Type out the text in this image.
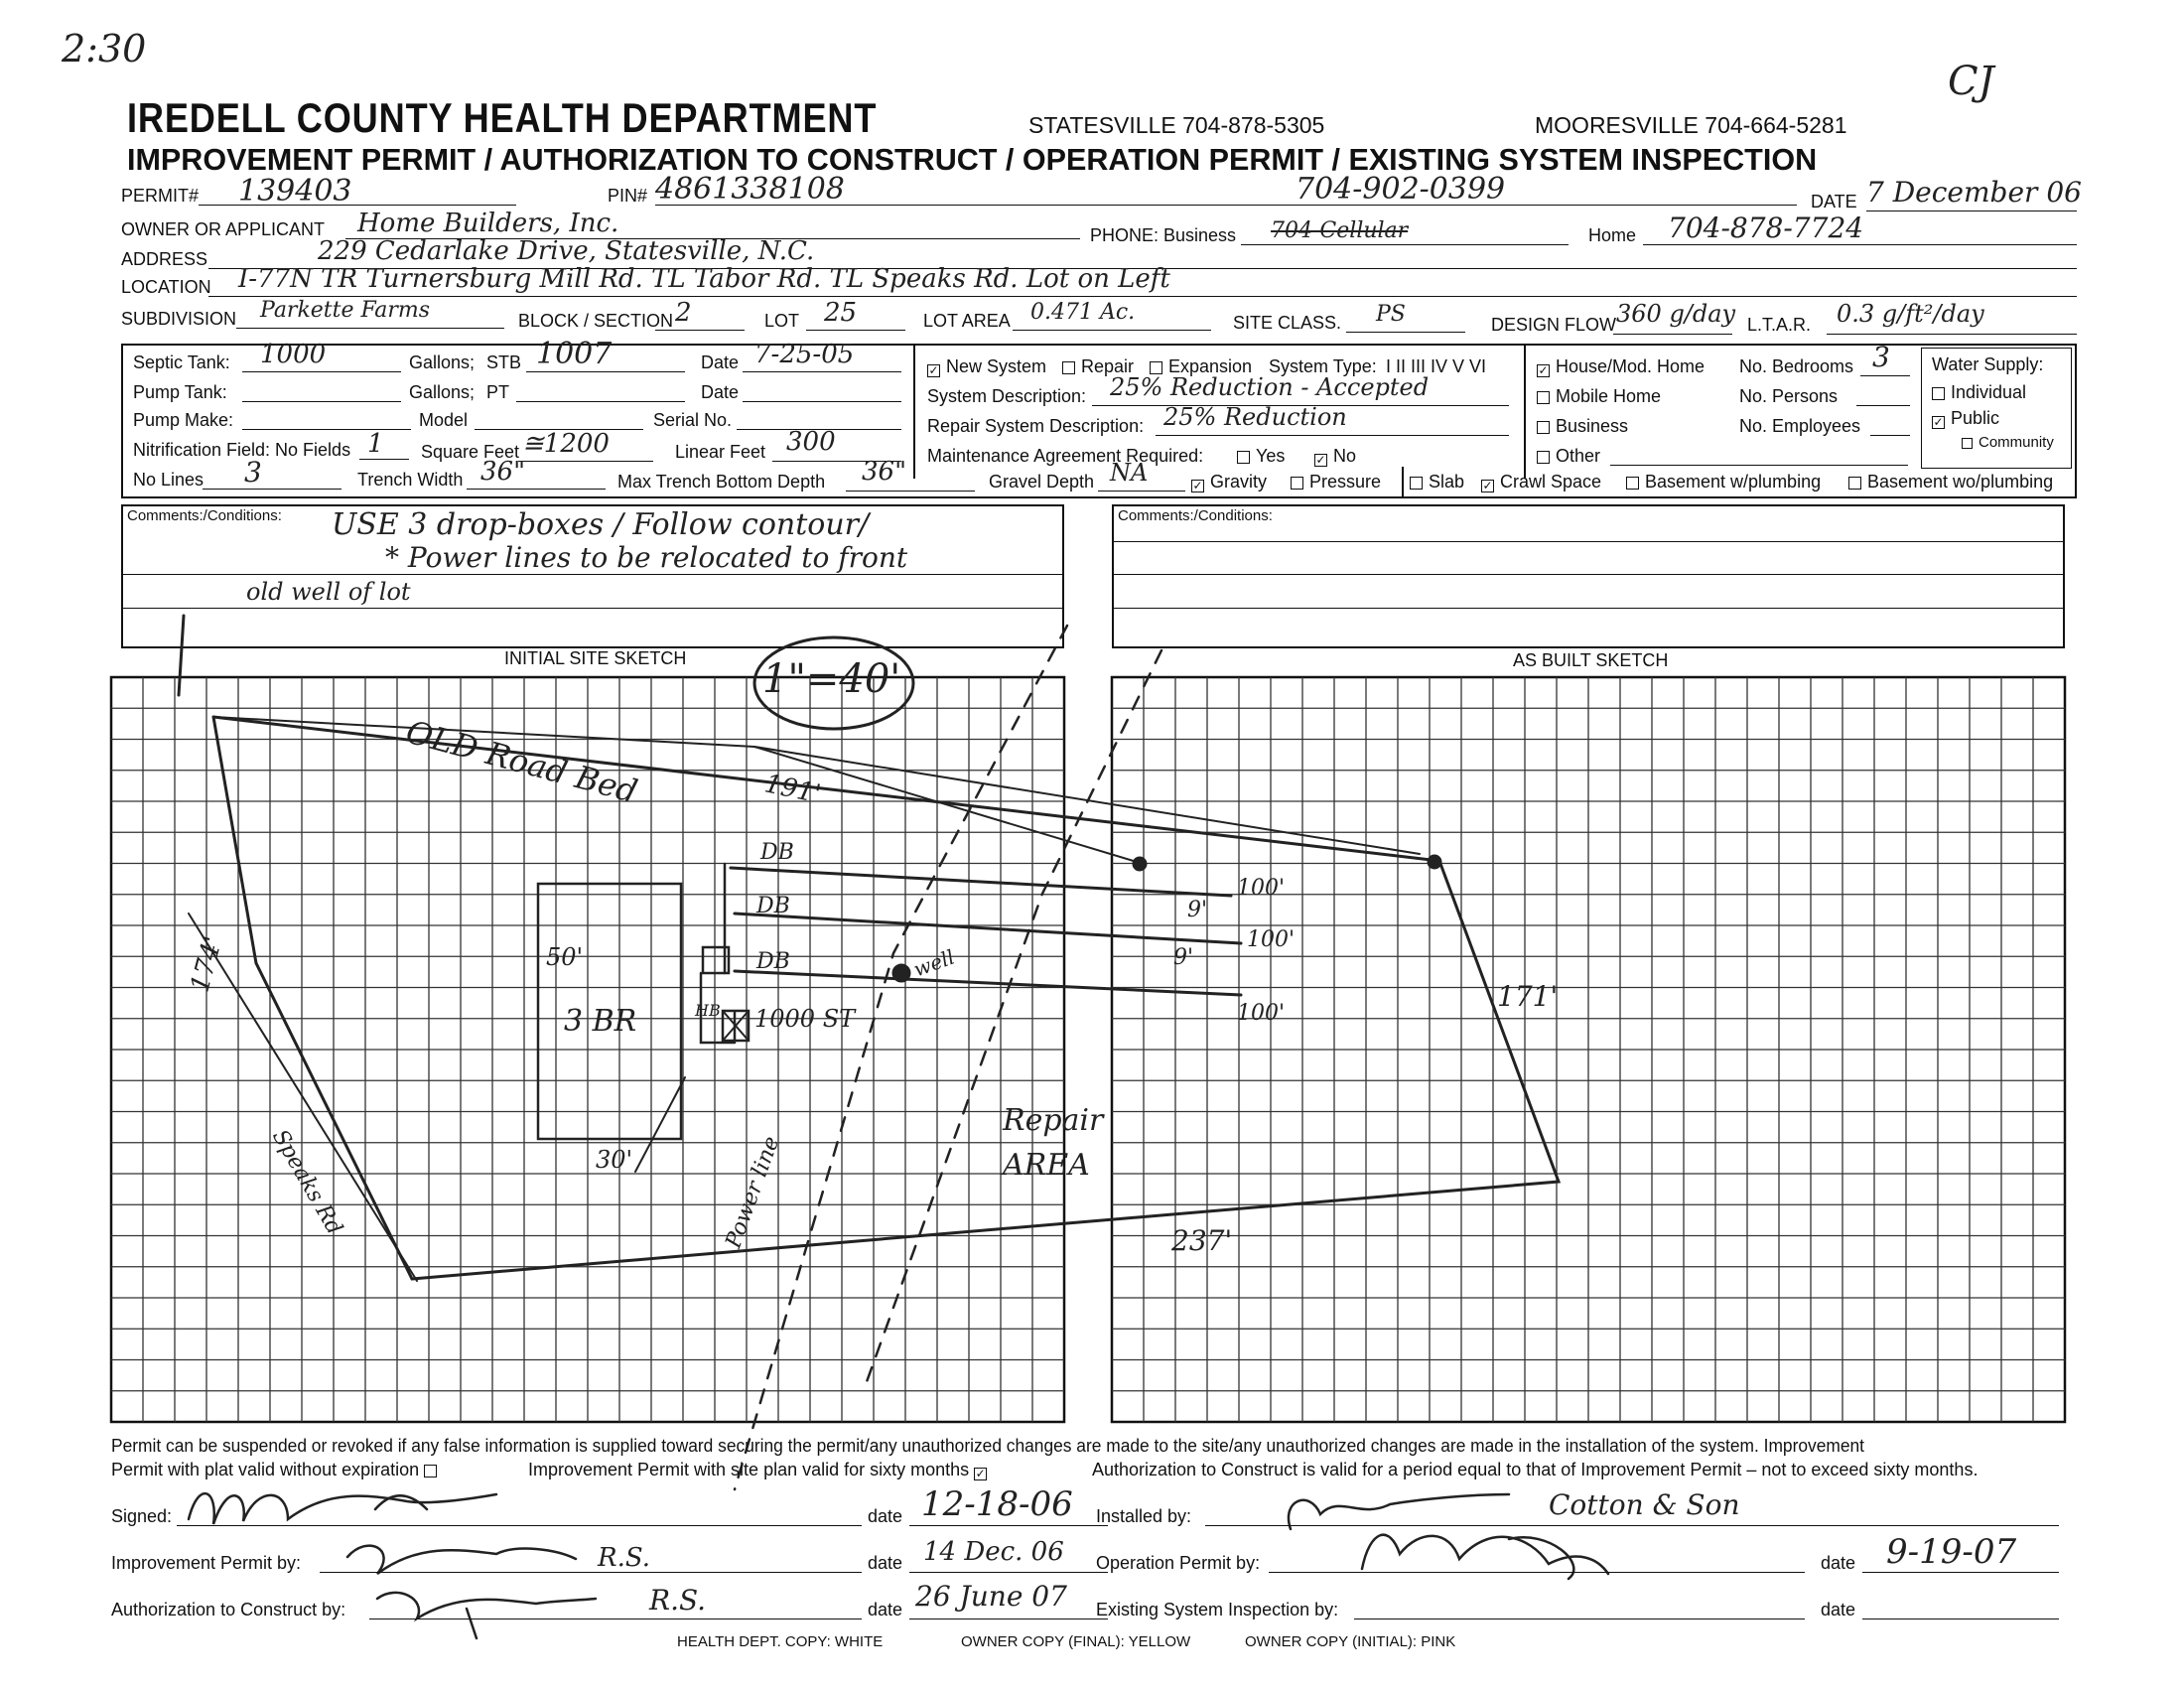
2:30
CJ
IREDELL COUNTY HEALTH DEPARTMENT	STATESVILLE 704-878-5305	MOORESVILLE 704-664-5281
IMPROVEMENT PERMIT / AUTHORIZATION TO CONSTRUCT / OPERATION PERMIT / EXISTING SYSTEM INSPECTION
PERMIT# 139403	PIN# 4861338108	704-902-0399	DATE 7 December 06
OWNER OR APPLICANT Home Builders, Inc.	PHONE: Business 704-Cellular	Home 704-878-7724
ADDRESS	229 Cedarlake Drive, Statesville, N.C.
LOCATION I-77N TR Turnersburg Mill Rd. TL Tabor Rd. TL Speaks Rd. Lot on Left
SUBDIVISION Parkette Farms	BLOCK / SECTION 2	LOT 25	LOT AREA 0.471 Ac.	SITE CLASS. PS	DESIGN FLOW 360 g/day L.T.A.R. 0.3 g/ft²/day
Septic Tank: 1000	Gallons; STB 1007	Date 7-25-05
Pump Tank:	Gallons; PT	Date
Pump Make:	Model	Serial No.
Nitrification Field: No Fields 1 Square Feet ≅1200	Linear Feet 300
No Lines 3	Trench Width 36"	Max Trench Bottom Depth 36"	Gravel Depth NA	✓ Gravity	Pressure	Slab ✓ Crawl Space	Basement w/plumbing	Basement wo/plumbing
✓ New System	Repair	Expansion System Type: I II III IV V VI
System Description: 25% Reduction - Accepted
Repair System Description: 25% Reduction
Maintenance Agreement Required:	Yes	✓ No
✓ House/Mod. Home
Mobile Home
Business
Other
No. Bedrooms 3
No. Persons
No. Employees
Water Supply:
Individual
✓ Public
Community
Comments:/Conditions: USE 3 drop-boxes / Follow contour/
* Power lines to be relocated to front
old well of lot
Comments:/Conditions:
INITIAL SITE SKETCH	AS BUILT SKETCH
1"=40'
OLD Road Bed	191'
174'
171'
237'
50'
30'
3 BR
DB
DB
DB
1000 ST
well
100'
100'
100'
9'
9'
Repair AREA
Power line
Speaks Rd
HB
Permit can be suspended or revoked if any false information is supplied toward securing the permit/any unauthorized changes are made to the site/any unauthorized changes are made in the installation of the system. Improvement
Permit with plat valid without expiration	Improvement Permit with site plan valid for sixty months ✓	Authorization to Construct is valid for a period equal to that of Improvement Permit – not to exceed sixty months.
Signed:	date 12-18-06 Installed by:	Cotton & Son
Improvement Permit by:	R.S.	date 14 Dec. 06 Operation Permit by:	date 9-19-07
Authorization to Construct by:	R.S.	date 26 June 07 Existing System Inspection by:	date
HEALTH DEPT. COPY: WHITE	OWNER COPY (FINAL): YELLOW	OWNER COPY (INITIAL): PINK
